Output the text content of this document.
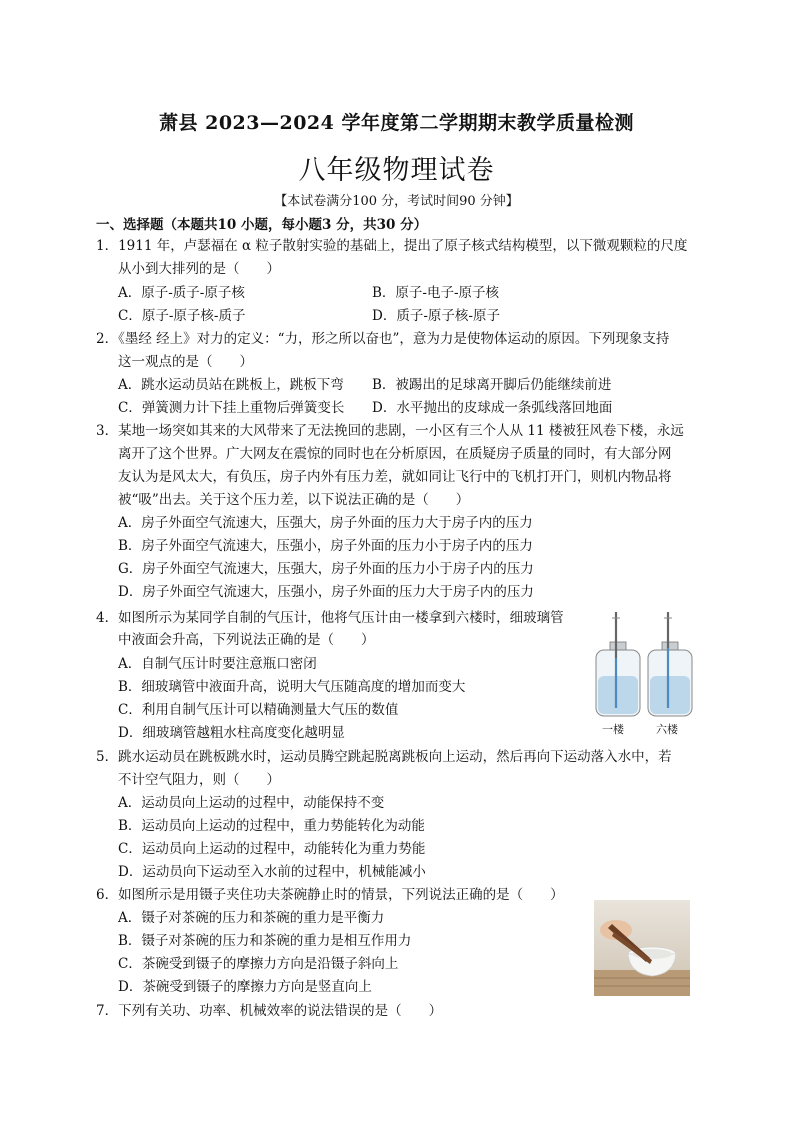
萧县 2023—2024 学年度第二学期期末教学质量检测
八年级物理试卷
【本试卷满分100 分，考试时间90 分钟】
一、选择题（本题共10 小题，每小题3 分，共30 分）
1．1911 年，卢瑟福在 α 粒子散射实验的基础上，提出了原子核式结构模型，以下微观颗粒的尺度
从小到大排列的是（　　）
A．原子-质子-原子核	B．原子-电子-原子核
C．原子-原子核-质子	D．质子-原子核-原子
2．《墨经 经上》对力的定义：“力，形之所以奋也”，意为力是使物体运动的原因。下列现象支持
这一观点的是（　　）
A．跳水运动员站在跳板上，跳板下弯 B．被踢出的足球离开脚后仍能继续前进
C．弹簧测力计下挂上重物后弹簧变长 D．水平抛出的皮球成一条弧线落回地面
3．某地一场突如其来的大风带来了无法挽回的悲剧，一小区有三个人从 11 楼被狂风卷下楼，永远
离开了这个世界。广大网友在震惊的同时也在分析原因，在质疑房子质量的同时，有大部分网
友认为是风太大，有负压，房子内外有压力差，就如同让飞行中的飞机打开门，则机内物品将
被“吸”出去。关于这个压力差，以下说法正确的是（　　）
A．房子外面空气流速大，压强大，房子外面的压力大于房子内的压力
B．房子外面空气流速大，压强小，房子外面的压力小于房子内的压力
G．房子外面空气流速大，压强大，房子外面的压力小于房子内的压力
D．房子外面空气流速大，压强小，房子外面的压力大于房子内的压力
4．如图所示为某同学自制的气压计，他将气压计由一楼拿到六楼时，细玻璃管
中液面会升高，下列说法正确的是（　　）
A．自制气压计时要注意瓶口密闭
B．细玻璃管中液面升高，说明大气压随高度的增加而变大
C．利用自制气压计可以精确测量大气压的数值
D．细玻璃管越粗水柱高度变化越明显	一楼	六楼
5．跳水运动员在跳板跳水时，运动员腾空跳起脱离跳板向上运动，然后再向下运动落入水中，若
不计空气阻力，则（　　）
A．运动员向上运动的过程中，动能保持不变
B．运动员向上运动的过程中，重力势能转化为动能
C．运动员向上运动的过程中，动能转化为重力势能
D．运动员向下运动至入水前的过程中，机械能减小
6．如图所示是用镊子夹住功夫茶碗静止时的情景，下列说法正确的是（　　）
A．镊子对茶碗的压力和茶碗的重力是平衡力
B．镊子对茶碗的压力和茶碗的重力是相互作用力
C．茶碗受到镊子的摩擦力方向是沿镊子斜向上
D．茶碗受到镊子的摩擦力方向是竖直向上
7．下列有关功、功率、机械效率的说法错误的是（　　）
